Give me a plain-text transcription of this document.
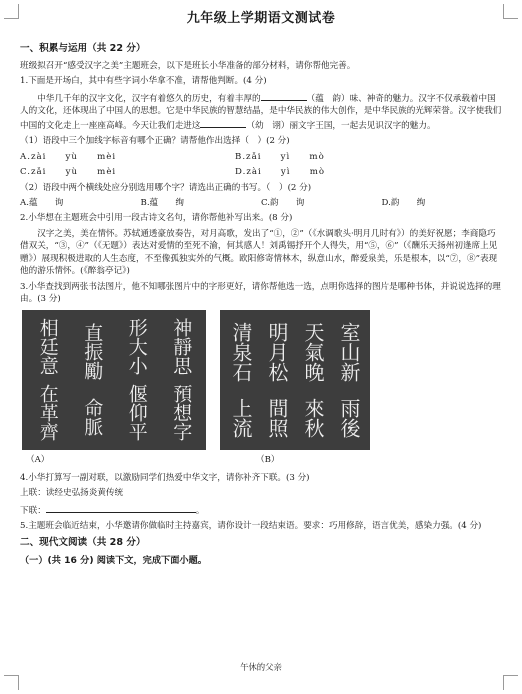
九年级上学期语文测试卷
一、积累与运用（共 22 分）
班级拟召开“感受汉字之美”主题班会，以下是班长小华准备的部分材料，请你帮他完善。
1.下面是开场白，其中有些字词小华拿不准，请帮他判断。(4 分)
中华几千年的汉字文化，汉字有着悠久的历史，有着丰厚的	（蕴　韵）味、神奇的魅力。汉字不仅承载着中国人的文化，还体现出了中国人的思想。它是中华民族的智慧结晶，是中华民族的伟大创作，是中华民族的光辉荣誉。汉字使我们中国的文化走上一座座高峰。今天让我们走进这	（幼　诩）丽文字王国，一起去见识汉字的魅力。
（1）语段中三个加线字标音有哪个正确？请帮他作出选择（　）(2 分)
A.zài　　yù　　mèi	B.zǎi　　yì　　mò
C.zǎi　　yù　　mèi	D.zài　　yì　　mò
（2）语段中两个横线处应分别选用哪个字？请选出正确的书写。（　）(2 分)
A.蕴　　询	B.蕴　　绚	C.韵　　询	D.韵　　绚
2.小华想在主题班会中引用一段古诗文名句，请你帮他补写出来。(8 分)
汉字之美，美在情怀。苏轼通透豪放奏告，对月高歌，发出了“①，②”（《水调歌头·明月几时有》）的美好祝愿；李商隐巧借双关，“③，④”（《无题》）表达对爱情的至死不渝，何其感人！刘禹锡抒开个人得失，用“⑤，⑥”（《酬乐天扬州初逢席上见赠》）展现积极进取的人生态度，不至像孤独实外的气概。欧阳修寄情林木，纵意山水，醉爱泉美，乐是根本，以“⑦，⑧”表现他的游乐情怀。(《醉翁亭记》)
3.小华查找到两张书法图片，他不知哪张图片中的字形更好，请你帮他选一选，点明你选择的图片是哪种书体，并说说选择的理由。(3 分)
神靜思
預想字
形大小
偃仰平
直振勵
命脈
相廷意
在革齊
室山新
雨後
天氣晚
來秋
明月松
間照
清泉石
上流
（A）	（B）
4.小华打算写一副对联，以激励同学们热爱中华文字，请你补齐下联。(3 分)
上联：读经史弘扬炎黄传统
下联：	。
5.主题班会临近结束，小华邀请你做临时主持嘉宾，请你设计一段结束语。要求：巧用修辞，语言优美，感染力强。(4 分)
二、现代文阅读（共 28 分）
（一）(共 16 分) 阅读下文，完成下面小题。
午休的父亲
